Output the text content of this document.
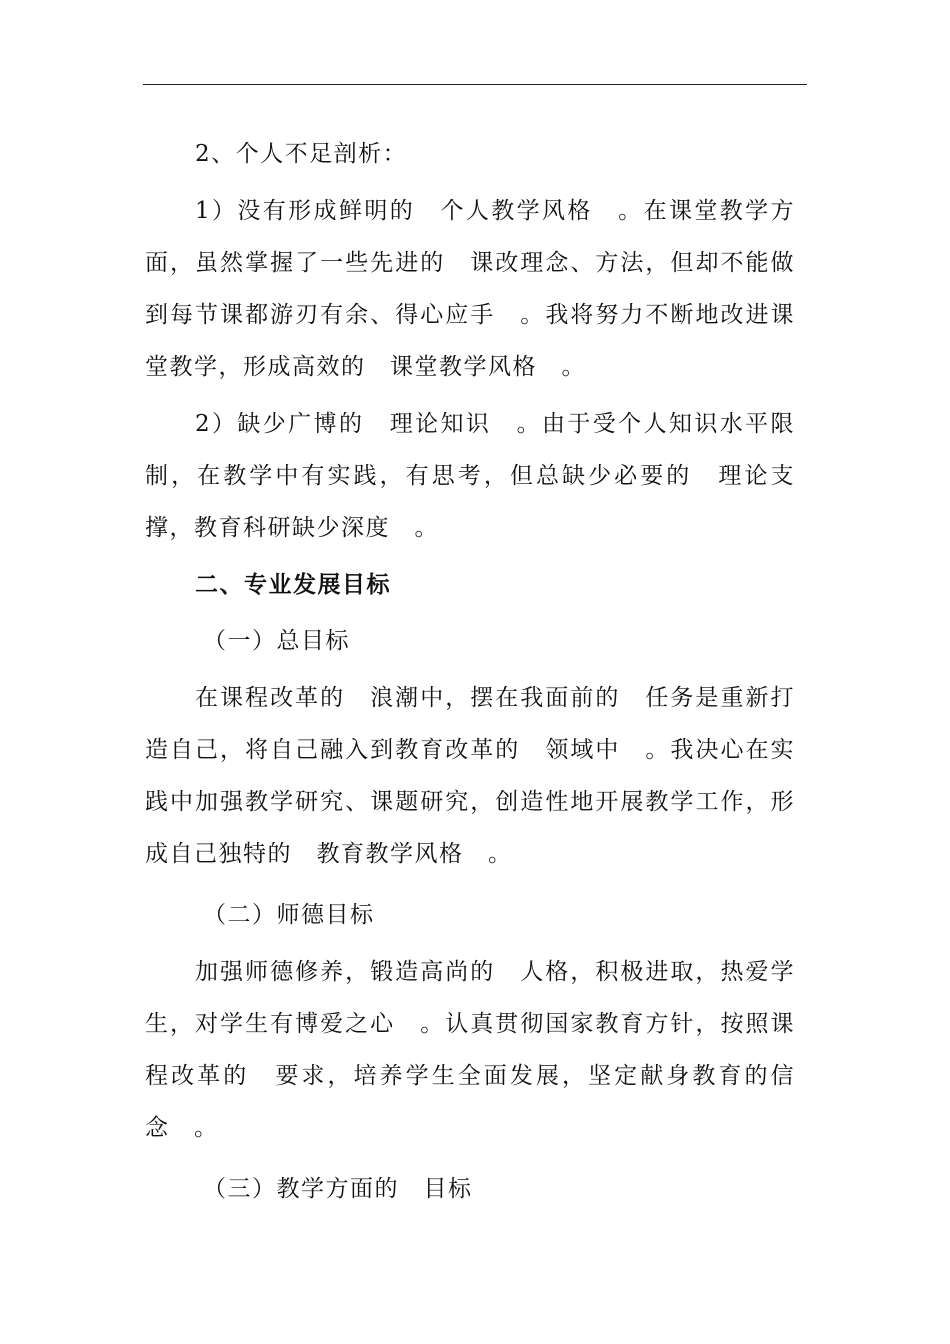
2、个人不足剖析：

1）没有形成鲜明的　个人教学风格　。在课堂教学方面，虽然掌握了一些先进的　课改理念、方法，但却不能做到每节课都游刃有余、得心应手　。我将努力不断地改进课堂教学，形成高效的　课堂教学风格　。

2）缺少广博的　理论知识　。由于受个人知识水平限制，在教学中有实践，有思考，但总缺少必要的　理论支撑，教育科研缺少深度　。

二、专业发展目标

（一）总目标

在课程改革的　浪潮中，摆在我面前的　任务是重新打造自己，将自己融入到教育改革的　领域中　。我决心在实践中加强教学研究、课题研究，创造性地开展教学工作，形成自己独特的　教育教学风格　。

（二）师德目标

加强师德修养，锻造高尚的　人格，积极进取，热爱学生，对学生有博爱之心　。认真贯彻国家教育方针，按照课程改革的　要求，培养学生全面发展，坚定献身教育的信念　。

（三）教学方面的　目标
